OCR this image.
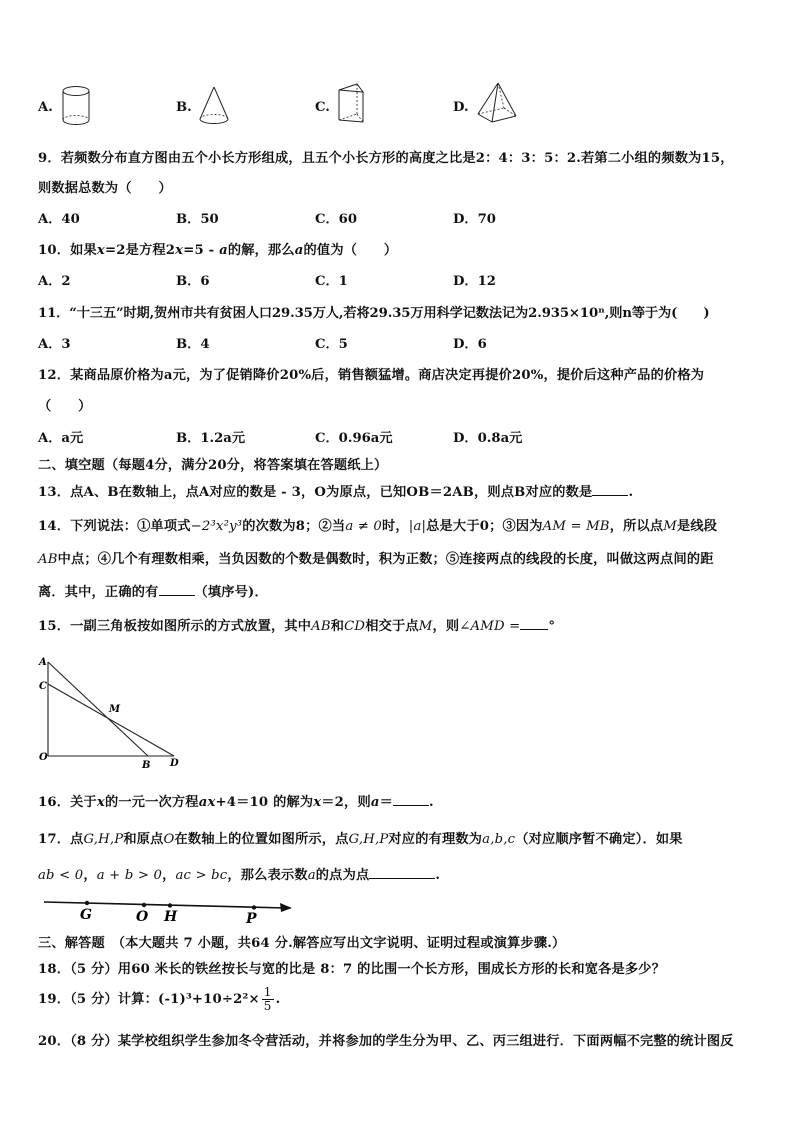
A.	B.	C.	D.
9．若频数分布直方图由五个小长方形组成，且五个小长方形的高度之比是2：4：3：5：2.若第二小组的频数为15，
则数据总数为（　　）
A．40	B．50	C．60	D．70
10．如果x=2是方程2x=5 - a的解，那么a的值为（　　）
A．2	B．6	C．1	D．12
11．“十三五”时期,贺州市共有贫困人口29.35万人,若将29.35万用科学记数法记为2.935×10ⁿ,则n等于为(　　)
A．3	B．4	C．5	D．6
12．某商品原价格为a元，为了促销降价20%后，销售额猛增。商店决定再提价20%，提价后这种产品的价格为
（　　）
A．a元	B．1.2a元	C．0.96a元	D．0.8a元
二、填空题（每题4分，满分20分，将答案填在答题纸上）
13．点A、B在数轴上，点A对应的数是 - 3，O为原点，已知OB＝2AB，则点B对应的数是	.
14．下列说法：①单项式−2³x²y³的次数为8；②当a ≠ 0时，|a|总是大于0；③因为AM = MB，所以点M是线段
AB中点；④几个有理数相乘，当负因数的个数是偶数时，积为正数；⑤连接两点的线段的长度，叫做这两点间的距
离．其中，正确的有	（填序号)．
15．一副三角板按如图所示的方式放置，其中AB和CD相交于点M，则∠AMD = °
A
C
M
O
B D
16．关于x的一元一次方程ax+4＝10 的解为x＝2，则a＝	.
17．点G,H,P和原点O在数轴上的位置如图所示，点G,H,P对应的有理数为a,b,c（对应顺序暂不确定）．如果
ab < 0，a + b > 0，ac > bc，那么表示数a的点为点	.
G	O H	P
三、解答题　（本大题共 7 小题，共64 分.解答应写出文字说明、证明过程或演算步骤.）
18．（5 分）用60 米长的铁丝按长与宽的比是 8：7 的比围一个长方形，围成长方形的长和宽各是多少？
19．（5 分）计算：$(-1)^3+10\div 2^2\times \frac{1}{5}$ .
20．（8 分）某学校组织学生参加冬令营活动，并将参加的学生分为甲、乙、丙三组进行．下面两幅不完整的统计图反
